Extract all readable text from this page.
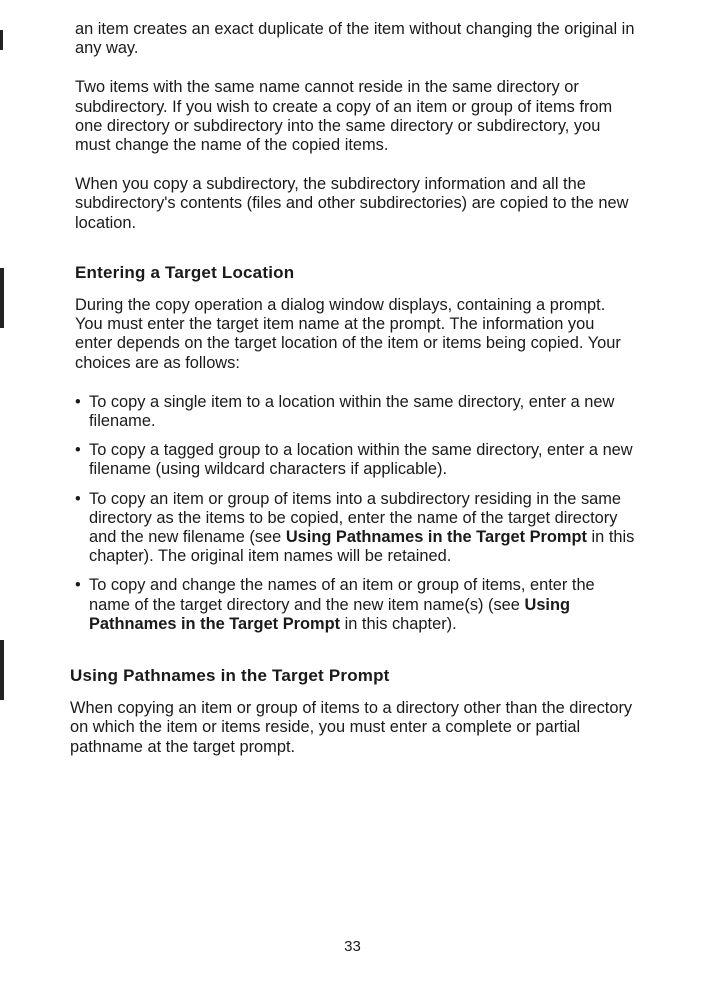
an item creates an exact duplicate of the item without changing the original in any way.

Two items with the same name cannot reside in the same directory or subdirectory. If you wish to create a copy of an item or group of items from one directory or subdirectory into the same directory or subdirectory, you must change the name of the copied items.

When you copy a subdirectory, the subdirectory information and all the subdirectory's contents (files and other subdirectories) are copied to the new location.

Entering a Target Location

During the copy operation a dialog window displays, containing a prompt. You must enter the target item name at the prompt. The information you enter depends on the target location of the item or items being copied. Your choices are as follows:

• To copy a single item to a location within the same directory, enter a new filename.
• To copy a tagged group to a location within the same directory, enter a new filename (using wildcard characters if applicable).
• To copy an item or group of items into a subdirectory residing in the same directory as the items to be copied, enter the name of the target directory and the new filename (see Using Pathnames in the Target Prompt in this chapter). The original item names will be retained.
• To copy and change the names of an item or group of items, enter the name of the target directory and the new item name(s) (see Using Pathnames in the Target Prompt in this chapter).
Using Pathnames in the Target Prompt

When copying an item or group of items to a directory other than the directory on which the item or items reside, you must enter a complete or partial pathname at the target prompt.

33
